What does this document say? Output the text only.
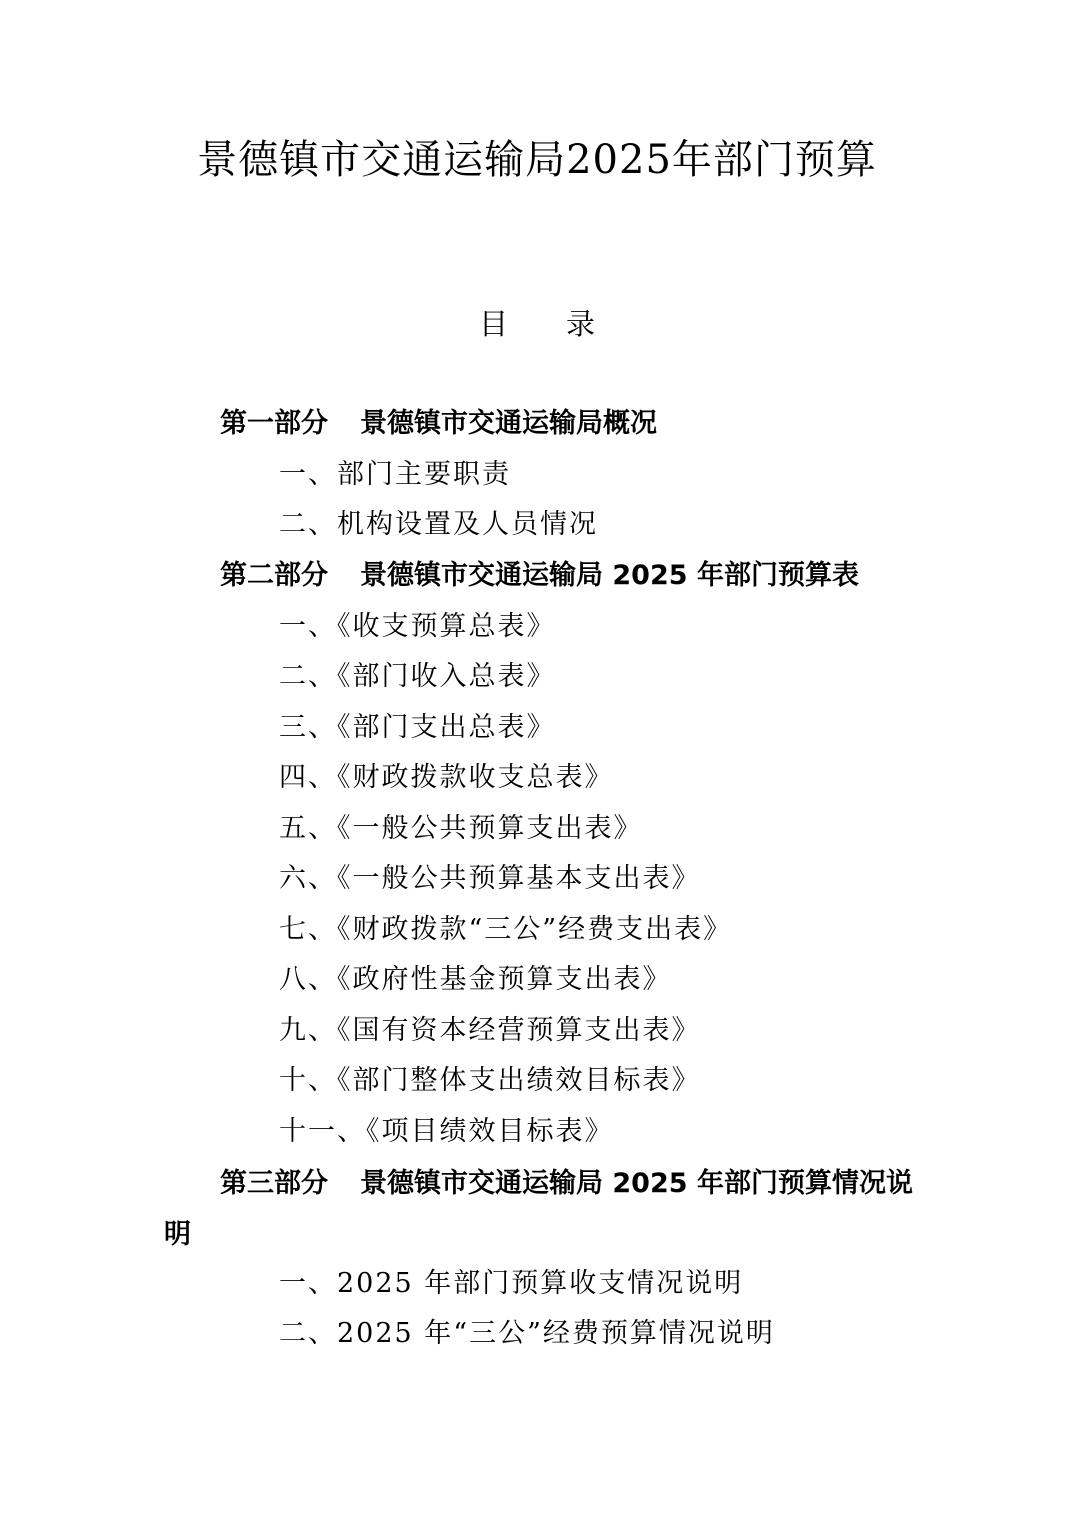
景德镇市交通运输局2025年部门预算
目 录
第一部分 景德镇市交通运输局概况
一、部门主要职责
二、机构设置及人员情况
第二部分 景德镇市交通运输局 2025 年部门预算表
一、《收支预算总表》
二、《部门收入总表》
三、《部门支出总表》
四、《财政拨款收支总表》
五、《一般公共预算支出表》
六、《一般公共预算基本支出表》
七、《财政拨款“三公”经费支出表》
八、《政府性基金预算支出表》
九、《国有资本经营预算支出表》
十、《部门整体支出绩效目标表》
十一、《项目绩效目标表》
第三部分 景德镇市交通运输局 2025 年部门预算情况说明
一、2025 年部门预算收支情况说明
二、2025 年“三公”经费预算情况说明
